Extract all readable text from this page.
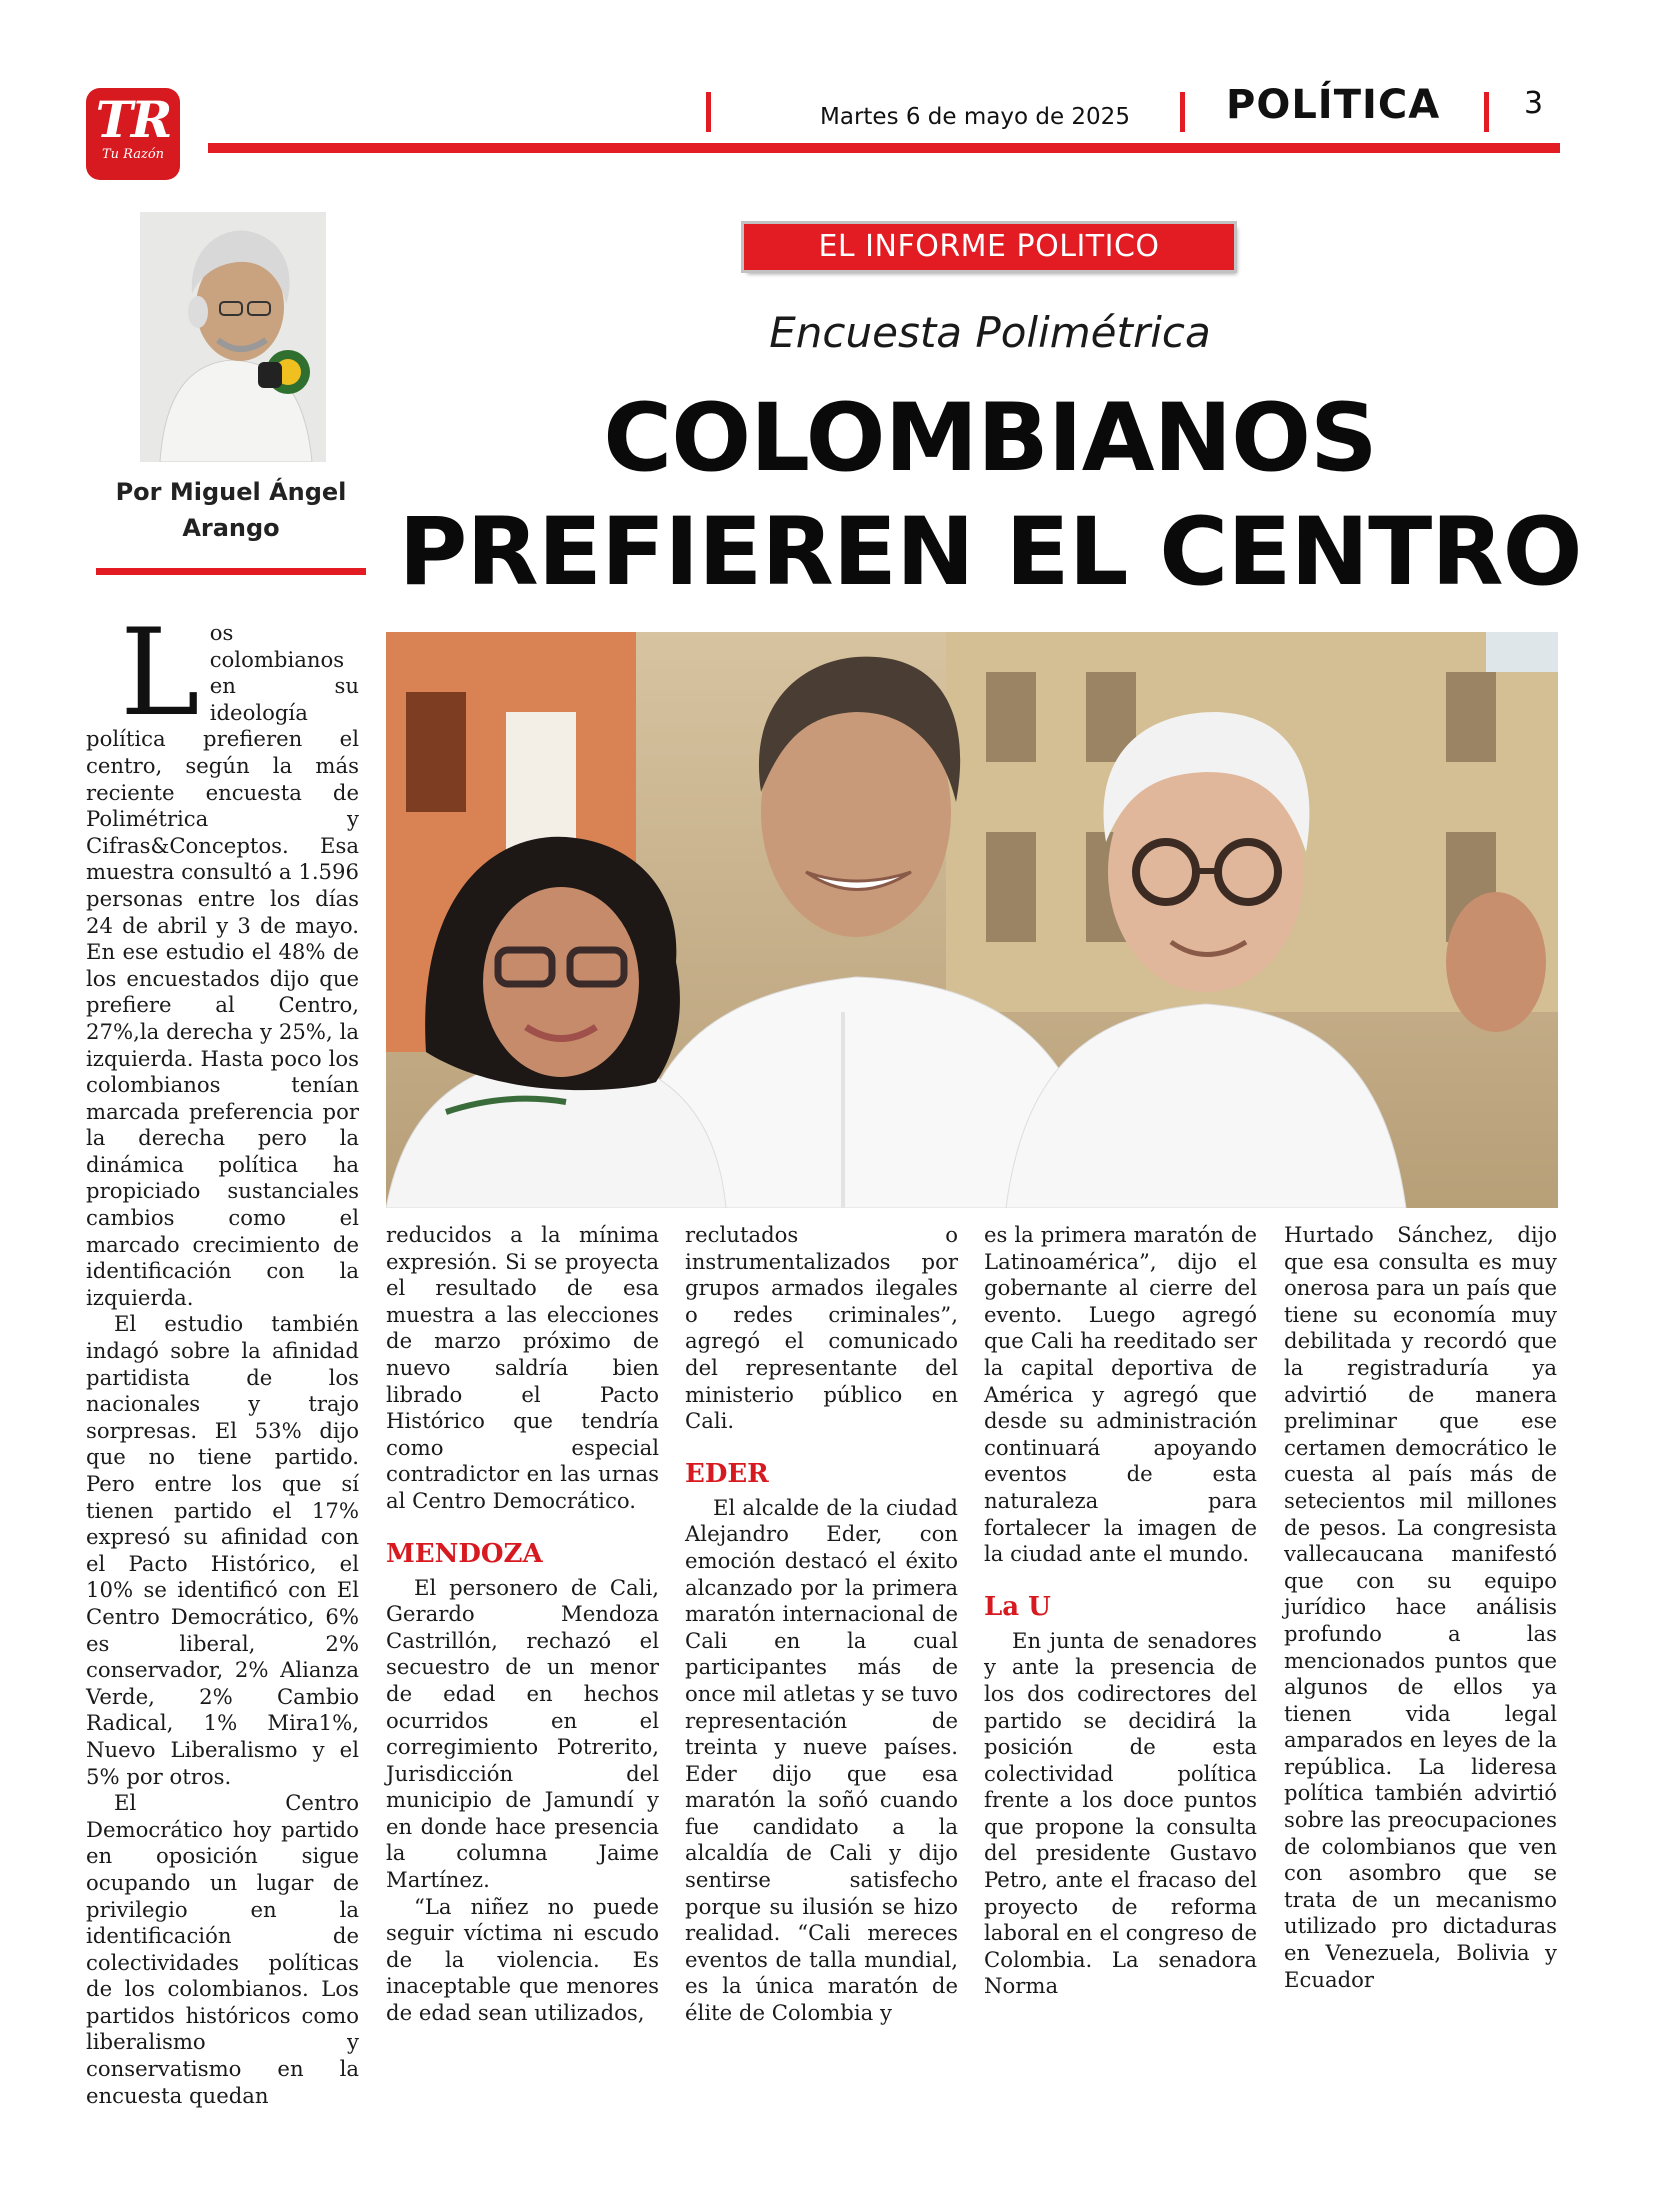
TR
Tu Razón
Martes 6 de mayo de 2025 POLÍTICA	3
Por Miguel Ángel
Arango
EL INFORME POLITICO
Encuesta Polimétrica
COLOMBIANOS
PREFIEREN EL CENTRO

Los colombianos en su ideología política prefieren el centro, según la más reciente encuesta de Polimétrica y Cifras&Conceptos. Esa muestra consultó a 1.596 personas entre los días 24 de abril y 3 de mayo. En ese estudio el 48% de los encuestados dijo que prefiere al Centro, 27%,la derecha y 25%, la izquierda. Hasta poco los colombianos tenían marcada preferencia por la derecha pero la dinámica política ha propiciado sustanciales cambios como el marcado crecimiento de identificación con la izquierda.

El estudio también indagó sobre la afinidad partidista de los nacionales y trajo sorpresas. El 53% dijo que no tiene partido. Pero entre los que sí tienen partido el 17% expresó su afinidad con el Pacto Histórico, el 10% se identificó con El Centro Democrático, 6% es liberal, 2% conservador, 2% Alianza Verde, 2% Cambio Radical, 1% Mira1%, Nuevo Liberalismo y el 5% por otros.

El Centro Democrático hoy partido en oposición sigue ocupando un lugar de privilegio en la identificación de colectividades políticas de los colombianos. Los partidos históricos como liberalismo y conservatismo en la encuesta quedan

reducidos a la mínima expresión. Si se proyecta el resultado de esa muestra a las elecciones de marzo próximo de nuevo saldría bien librado el Pacto Histórico que tendría como especial contradictor en las urnas al Centro Democrático.

MENDOZA

El personero de Cali, Gerardo Mendoza Castrillón, rechazó el secuestro de un menor de edad en hechos ocurridos en el corregimiento Potrerito, Jurisdicción del municipio de Jamundí y en donde hace presencia la columna Jaime Martínez.

“La niñez no puede seguir víctima ni escudo de la violencia. Es inaceptable que menores de edad sean utilizados,

reclutados o instrumentalizados por grupos armados ilegales o redes criminales”, agregó el comunicado del representante del ministerio público en Cali.

EDER

El alcalde de la ciudad Alejandro Eder, con emoción destacó el éxito alcanzado por la primera maratón internacional de Cali en la cual participantes más de once mil atletas y se tuvo representación de treinta y nueve países. Eder dijo que esa maratón la soñó cuando fue candidato a la alcaldía de Cali y dijo sentirse satisfecho porque su ilusión se hizo realidad. “Cali mereces eventos de talla mundial, es la única maratón de élite de Colombia y

es la primera maratón de Latinoamérica”, dijo el gobernante al cierre del evento. Luego agregó que Cali ha reeditado ser la capital deportiva de América y agregó que desde su administración continuará apoyando eventos de esta naturaleza para fortalecer la imagen de la ciudad ante el mundo.

La U

En junta de senadores y ante la presencia de los dos codirectores del partido se decidirá la posición de esta colectividad política frente a los doce puntos que propone la consulta del presidente Gustavo Petro, ante el fracaso del proyecto de reforma laboral en el congreso de Colombia. La senadora Norma

Hurtado Sánchez, dijo que esa consulta es muy onerosa para un país que tiene su economía muy debilitada y recordó que la registraduría ya advirtió de manera preliminar que ese certamen democrático le cuesta al país más de setecientos mil millones de pesos. La congresista vallecaucana manifestó que con su equipo jurídico hace análisis profundo a las mencionados puntos que algunos de ellos ya tienen vida legal amparados en leyes de la república. La lideresa política también advirtió sobre las preocupaciones de colombianos que ven con asombro que se trata de un mecanismo utilizado pro dictaduras en Venezuela, Bolivia y Ecuador
